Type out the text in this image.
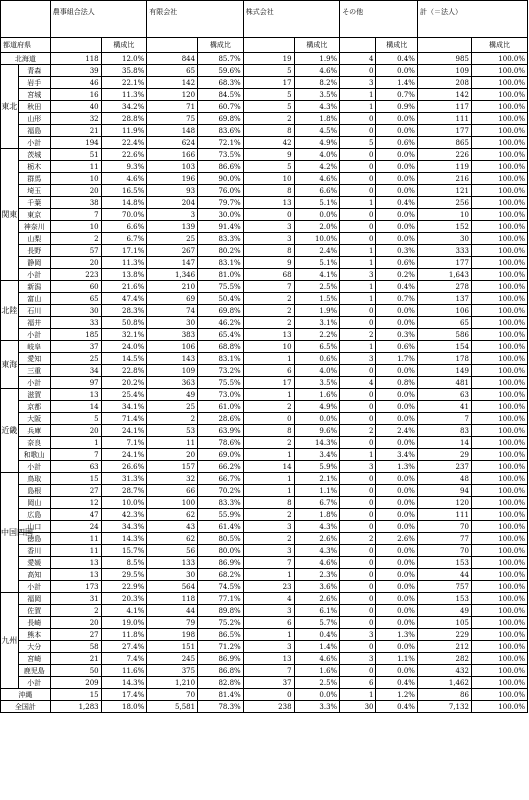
		農事組合法人		有限会社		株式会社		その他		計（＝法人）	
都道府県			構成比		構成比		構成比		構成比		構成比
北海道		118	12.0%	844	85.7%	19	1.9%	4	0.4%	985	100.0%
東北	青森	39	35.8%	65	59.6%	5	4.6%	0	0.0%	109	100.0%
	岩手	46	22.1%	142	68.3%	17	8.2%	3	1.4%	208	100.0%
	宮城	16	11.3%	120	84.5%	5	3.5%	1	0.7%	142	100.0%
	秋田	40	34.2%	71	60.7%	5	4.3%	1	0.9%	117	100.0%
	山形	32	28.8%	75	69.8%	2	1.8%	0	0.0%	111	100.0%
	福島	21	11.9%	148	83.6%	8	4.5%	0	0.0%	177	100.0%
	小計	194	22.4%	624	72.1%	42	4.9%	5	0.6%	865	100.0%
関東	茨城	51	22.6%	166	73.5%	9	4.0%	0	0.0%	226	100.0%
	栃木	11	9.3%	103	86.6%	5	4.2%	0	0.0%	119	100.0%
	群馬	10	4.6%	196	90.0%	10	4.6%	0	0.0%	216	100.0%
	埼玉	20	16.5%	93	76.0%	8	6.6%	0	0.0%	121	100.0%
	千葉	38	14.8%	204	79.7%	13	5.1%	1	0.4%	256	100.0%
	東京	7	70.0%	3	30.0%	0	0.0%	0	0.0%	10	100.0%
	神奈川	10	6.6%	139	91.4%	3	2.0%	0	0.0%	152	100.0%
	山梨	2	6.7%	25	83.3%	3	10.0%	0	0.0%	30	100.0%
	長野	57	17.1%	267	80.2%	8	2.4%	1	0.3%	333	100.0%
	静岡	20	11.3%	147	83.1%	9	5.1%	1	0.6%	177	100.0%
	小計	223	13.8%	1,346	81.0%	68	4.1%	3	0.2%	1,643	100.0%
北陸	新潟	60	21.6%	210	75.5%	7	2.5%	1	0.4%	278	100.0%
	富山	65	47.4%	69	50.4%	2	1.5%	1	0.7%	137	100.0%
	石川	30	28.3%	74	69.8%	2	1.9%	0	0.0%	106	100.0%
	福井	33	50.8%	30	46.2%	2	3.1%	0	0.0%	65	100.0%
	小計	185	32.1%	383	65.4%	13	2.2%	2	0.3%	586	100.0%
東海	岐阜	37	24.0%	106	68.8%	10	6.5%	1	0.6%	154	100.0%
	愛知	25	14.5%	143	83.1%	1	0.6%	3	1.7%	178	100.0%
	三重	34	22.8%	109	73.2%	6	4.0%	0	0.0%	149	100.0%
	小計	97	20.2%	363	75.5%	17	3.5%	4	0.8%	481	100.0%
近畿	滋賀	13	25.4%	49	73.0%	1	1.6%	0	0.0%	63	100.0%
	京都	14	34.1%	25	61.0%	2	4.9%	0	0.0%	41	100.0%
	大阪	5	71.4%	2	28.6%	0	0.0%	0	0.0%	7	100.0%
	兵庫	20	24.1%	53	63.9%	8	9.6%	2	2.4%	83	100.0%
	奈良	1	7.1%	11	78.6%	2	14.3%	0	0.0%	14	100.0%
	和歌山	7	24.1%	20	69.0%	1	3.4%	1	3.4%	29	100.0%
	小計	63	26.6%	157	66.2%	14	5.9%	3	1.3%	237	100.0%
中国四国	鳥取	15	31.3%	32	66.7%	1	2.1%	0	0.0%	48	100.0%
	島根	27	28.7%	66	70.2%	1	1.1%	0	0.0%	94	100.0%
	岡山	12	10.0%	100	83.3%	8	6.7%	0	0.0%	120	100.0%
	広島	47	42.3%	62	55.9%	2	1.8%	0	0.0%	111	100.0%
	山口	24	34.3%	43	61.4%	3	4.3%	0	0.0%	70	100.0%
	徳島	11	14.3%	62	80.5%	2	2.6%	2	2.6%	77	100.0%
	香川	11	15.7%	56	80.0%	3	4.3%	0	0.0%	70	100.0%
	愛媛	13	8.5%	133	86.9%	7	4.6%	0	0.0%	153	100.0%
	高知	13	29.5%	30	68.2%	1	2.3%	0	0.0%	44	100.0%
	小計	173	22.9%	564	74.5%	23	3.6%	0	0.0%	757	100.0%
九州	福岡	31	20.3%	118	77.1%	4	2.6%	0	0.0%	153	100.0%
	佐賀	2	4.1%	44	89.8%	3	6.1%	0	0.0%	49	100.0%
	長崎	20	19.0%	79	75.2%	6	5.7%	0	0.0%	105	100.0%
	熊本	27	11.8%	198	86.5%	1	0.4%	3	1.3%	229	100.0%
	大分	58	27.4%	151	71.2%	3	1.4%	0	0.0%	212	100.0%
	宮崎	21	7.4%	245	86.9%	13	4.6%	3	1.1%	282	100.0%
	鹿児島	50	11.6%	375	86.8%	7	1.6%	0	0.0%	432	100.0%
	小計	209	14.3%	1,210	82.8%	37	2.5%	6	0.4%	1,462	100.0%
沖縄		15	17.4%	70	81.4%	0	0.0%	1	1.2%	86	100.0%
全国計		1,283	18.0%	5,581	78.3%	238	3.3%	30	0.4%	7,132	100.0%
